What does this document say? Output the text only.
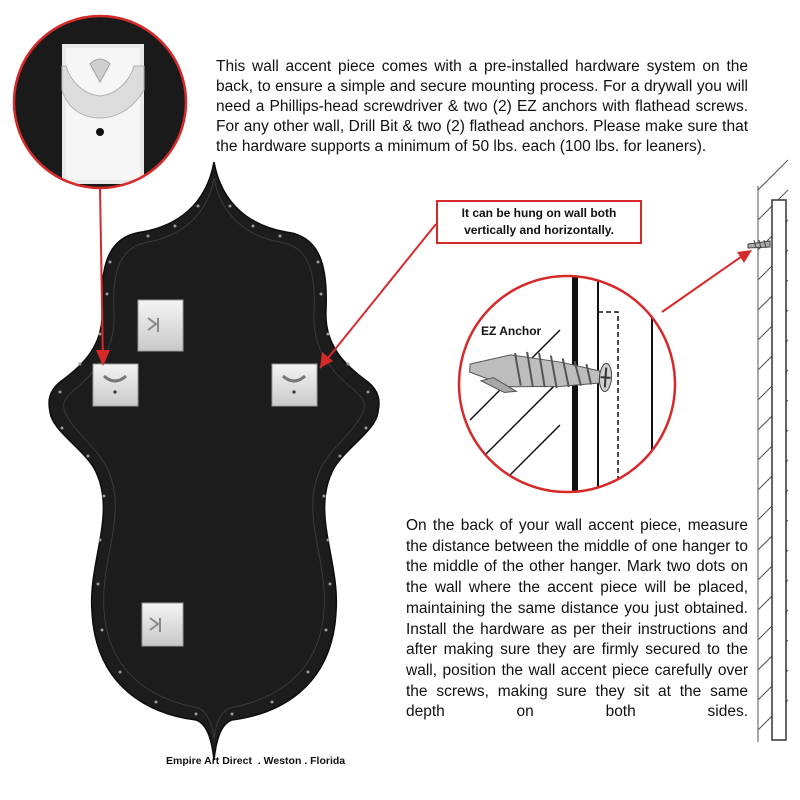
This wall accent piece comes with a pre-installed hardware system on the back, to ensure a simple and secure mounting process. For a drywall you will need a Phillips-head screwdriver & two (2) EZ anchors with flathead screws. For any other wall, Drill Bit & two (2) flathead anchors. Please make sure that the hardware supports a minimum of 50 lbs. each (100 lbs. for leaners).

It can be hung on wall both vertically and horizontally.
EZ Anchor

On the back of your wall accent piece, measure the distance between the middle of one hanger to the middle of the other hanger. Mark two dots on the wall where the accent piece will be placed, maintaining the same distance you just obtained. Install the hardware as per their instructions and after making sure they are firmly secured to the wall, position the wall accent piece carefully over the screws, making sure they sit at the same depth on both sides.

Empire Art Direct  . Weston . Florida
